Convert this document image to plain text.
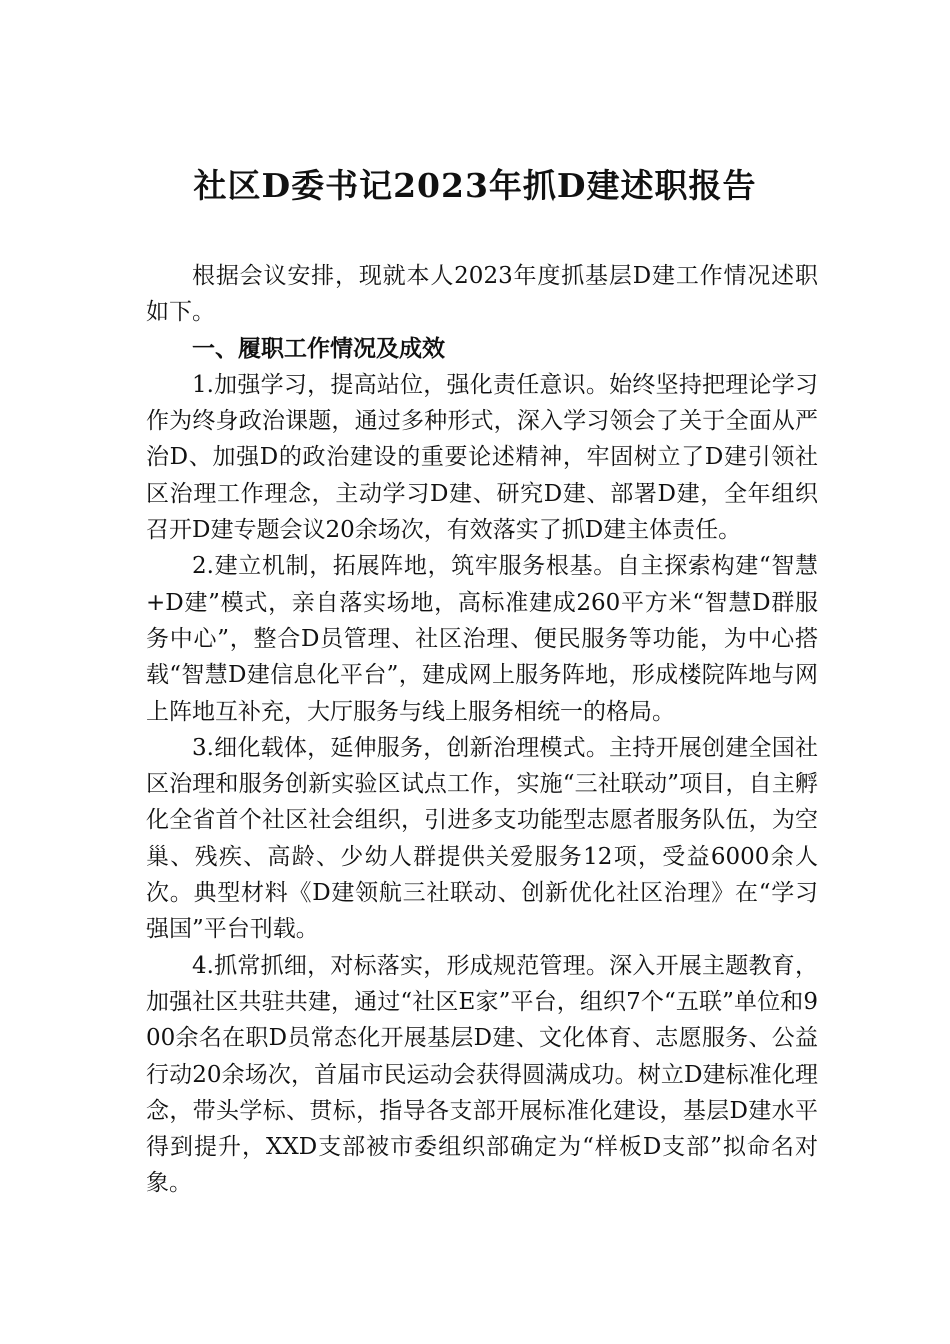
社区D委书记2023年抓D建述职报告

根据会议安排，现就本人2023年度抓基层D建工作情况述职如下。

一、履职工作情况及成效

1.加强学习，提高站位，强化责任意识。始终坚持把理论学习作为终身政治课题，通过多种形式，深入学习领会了关于全面从严治D、加强D的政治建设的重要论述精神，牢固树立了D建引领社区治理工作理念，主动学习D建、研究D建、部署D建，全年组织召开D建专题会议20余场次，有效落实了抓D建主体责任。

2.建立机制，拓展阵地，筑牢服务根基。自主探索构建“智慧+D建”模式，亲自落实场地，高标准建成260平方米“智慧D群服务中心”，整合D员管理、社区治理、便民服务等功能，为中心搭载“智慧D建信息化平台”，建成网上服务阵地，形成楼院阵地与网上阵地互补充，大厅服务与线上服务相统一的格局。

3.细化载体，延伸服务，创新治理模式。主持开展创建全国社区治理和服务创新实验区试点工作，实施“三社联动”项目，自主孵化全省首个社区社会组织，引进多支功能型志愿者服务队伍，为空巢、残疾、高龄、少幼人群提供关爱服务12项，受益6000余人次。典型材料《D建领航三社联动、创新优化社区治理》在“学习强国”平台刊载。

4.抓常抓细，对标落实，形成规范管理。深入开展主题教育，加强社区共驻共建，通过“社区E家”平台，组织7个“五联”单位和900余名在职D员常态化开展基层D建、文化体育、志愿服务、公益行动20余场次，首届市民运动会获得圆满成功。树立D建标准化理念，带头学标、贯标，指导各支部开展标准化建设，基层D建水平得到提升，XXD支部被市委组织部确定为“样板D支部”拟命名对象。
